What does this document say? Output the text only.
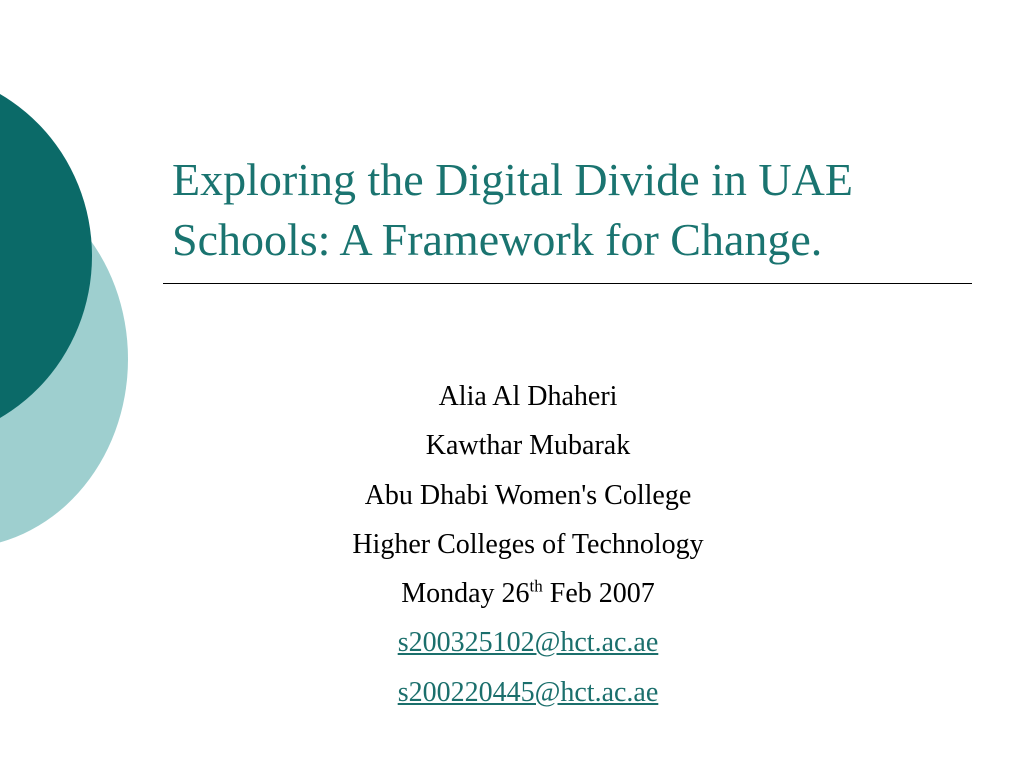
Exploring the Digital Divide in UAE
Schools: A Framework for Change.
Alia Al Dhaheri
Kawthar Mubarak
Abu Dhabi Women's College
Higher Colleges of Technology
Monday 26th Feb 2007
s200325102@hct.ac.ae
s200220445@hct.ac.ae
